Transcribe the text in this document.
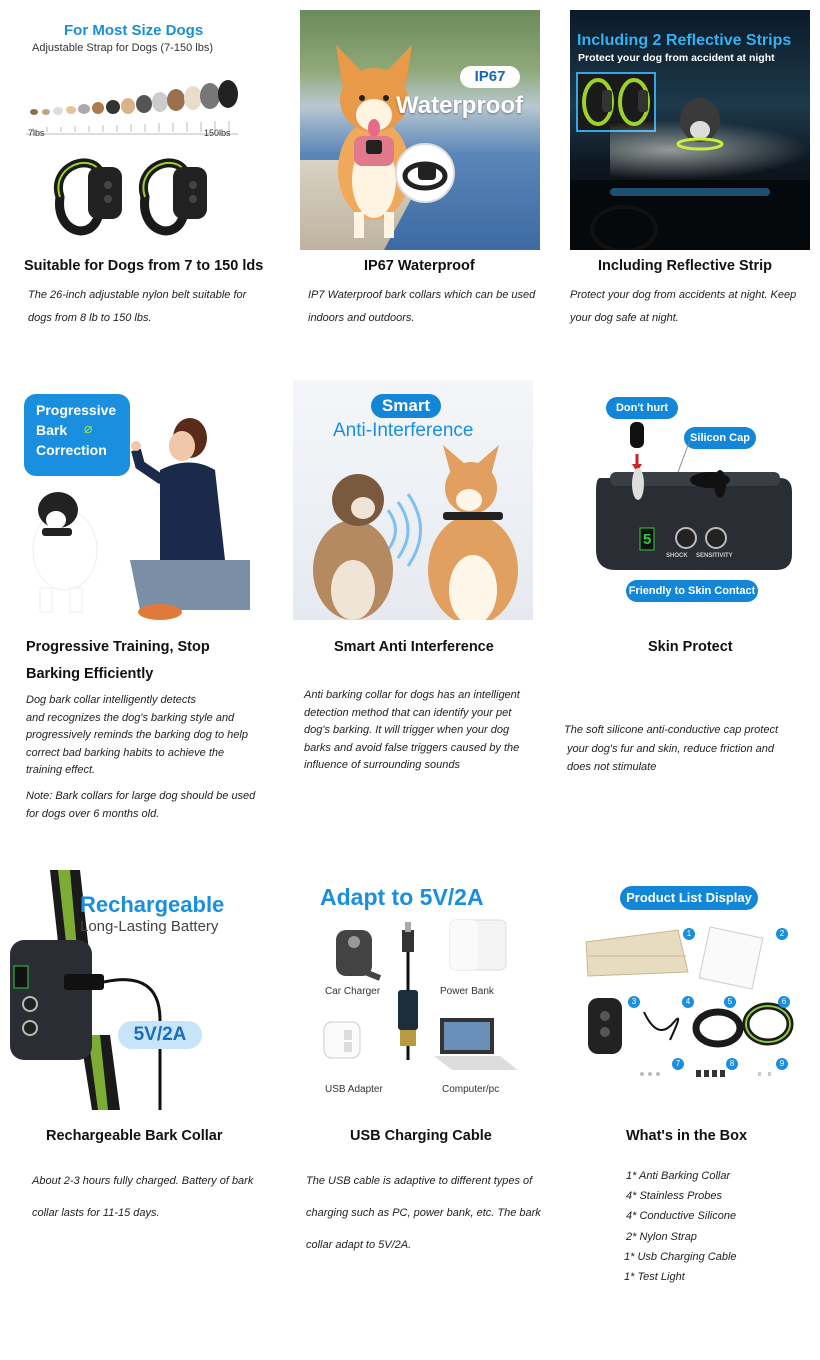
For Most Size Dogs
Adjustable Strap for Dogs (7-150 lbs)
7lbs	150lbs
IP67
Waterproof
Including 2 Reflective Strips
Protect your dog from accident at night
Suitable for Dogs from 7 to 150 lds

The 26-inch adjustable nylon belt suitable for

dogs from 8 lb to 150 lbs.

IP67 Waterproof

IP7 Waterproof bark collars which can be used

indoors and outdoors.

Including Reflective Strip

Protect your dog from accidents at night. Keep

your dog safe at night.

Progressive
Bark
Correction
⌀
Smart
Anti-Interference
Don't hurt
Silicon Cap
5
SHOCK SENSITIVITY
Friendly to Skin Contact
Progressive Training, Stop
Barking Efficiently

Dog bark collar intelligently detects

and recognizes the dog's barking style and

progressively reminds the barking dog to help

correct bad barking habits to achieve the

training effect.

Note: Bark collars for large dog should be used

for dogs over 6 months old.

Smart Anti Interference

Anti barking collar for dogs has an intelligent

detection method that can identify your pet

dog's barking. It will trigger when your dog

barks and avoid false triggers caused by the

influence of surrounding sounds

Skin Protect

The soft silicone anti-conductive cap protect

your dog's fur and skin, reduce friction and

does not stimulate

Rechargeable
Long-Lasting Battery
5V/2A
Adapt to 5V/2A
Car Charger	Power Bank
USB Adapter	Computer/pc
Product List Display
1	2
3	4	5	6
7	8	9
Rechargeable Bark Collar

About 2-3 hours fully charged. Battery of bark

collar lasts for 11-15 days.

USB Charging Cable

The USB cable is adaptive to different types of

charging such as PC, power bank, etc. The bark

collar adapt to 5V/2A.

What's in the Box

1* Anti Barking Collar

4* Stainless Probes

4* Conductive Silicone

2* Nylon Strap

1* Usb Charging Cable

1* Test Light
